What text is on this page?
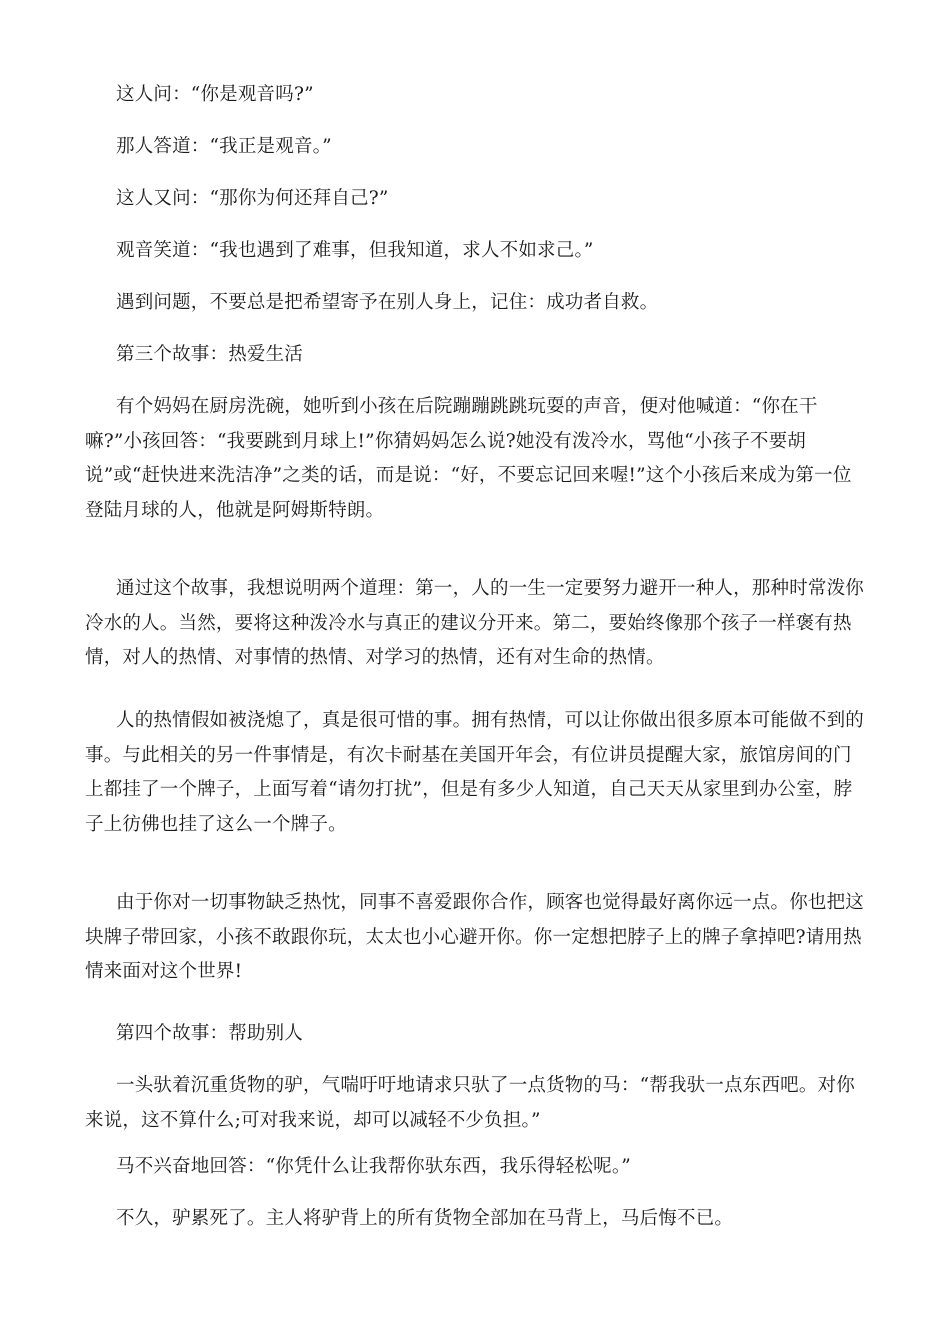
这人问：“你是观音吗?”

那人答道：“我正是观音。”

这人又问：“那你为何还拜自己?”

观音笑道：“我也遇到了难事，但我知道，求人不如求己。”

遇到问题，不要总是把希望寄予在别人身上，记住：成功者自救。

第三个故事：热爱生活

有个妈妈在厨房洗碗，她听到小孩在后院蹦蹦跳跳玩耍的声音，便对他喊道：“你在干嘛?”小孩回答：“我要跳到月球上!”你猜妈妈怎么说?她没有泼冷水，骂他“小孩子不要胡说”或“赶快进来洗洁净”之类的话，而是说：“好，不要忘记回来喔!”这个小孩后来成为第一位登陆月球的人，他就是阿姆斯特朗。

通过这个故事，我想说明两个道理：第一，人的一生一定要努力避开一种人，那种时常泼你冷水的人。当然，要将这种泼冷水与真正的建议分开来。第二，要始终像那个孩子一样褒有热情，对人的热情、对事情的热情、对学习的热情，还有对生命的热情。

人的热情假如被浇熄了，真是很可惜的事。拥有热情，可以让你做出很多原本可能做不到的事。与此相关的另一件事情是，有次卡耐基在美国开年会，有位讲员提醒大家，旅馆房间的门上都挂了一个牌子，上面写着“请勿打扰”，但是有多少人知道，自己天天从家里到办公室，脖子上彷佛也挂了这么一个牌子。

由于你对一切事物缺乏热忱，同事不喜爱跟你合作，顾客也觉得最好离你远一点。你也把这块牌子带回家，小孩不敢跟你玩，太太也小心避开你。你一定想把脖子上的牌子拿掉吧?请用热情来面对这个世界!

第四个故事：帮助别人

一头驮着沉重货物的驴，气喘吁吁地请求只驮了一点货物的马：“帮我驮一点东西吧。对你来说，这不算什么;可对我来说，却可以减轻不少负担。”

马不兴奋地回答：“你凭什么让我帮你驮东西，我乐得轻松呢。”

不久，驴累死了。主人将驴背上的所有货物全部加在马背上，马后悔不已。
